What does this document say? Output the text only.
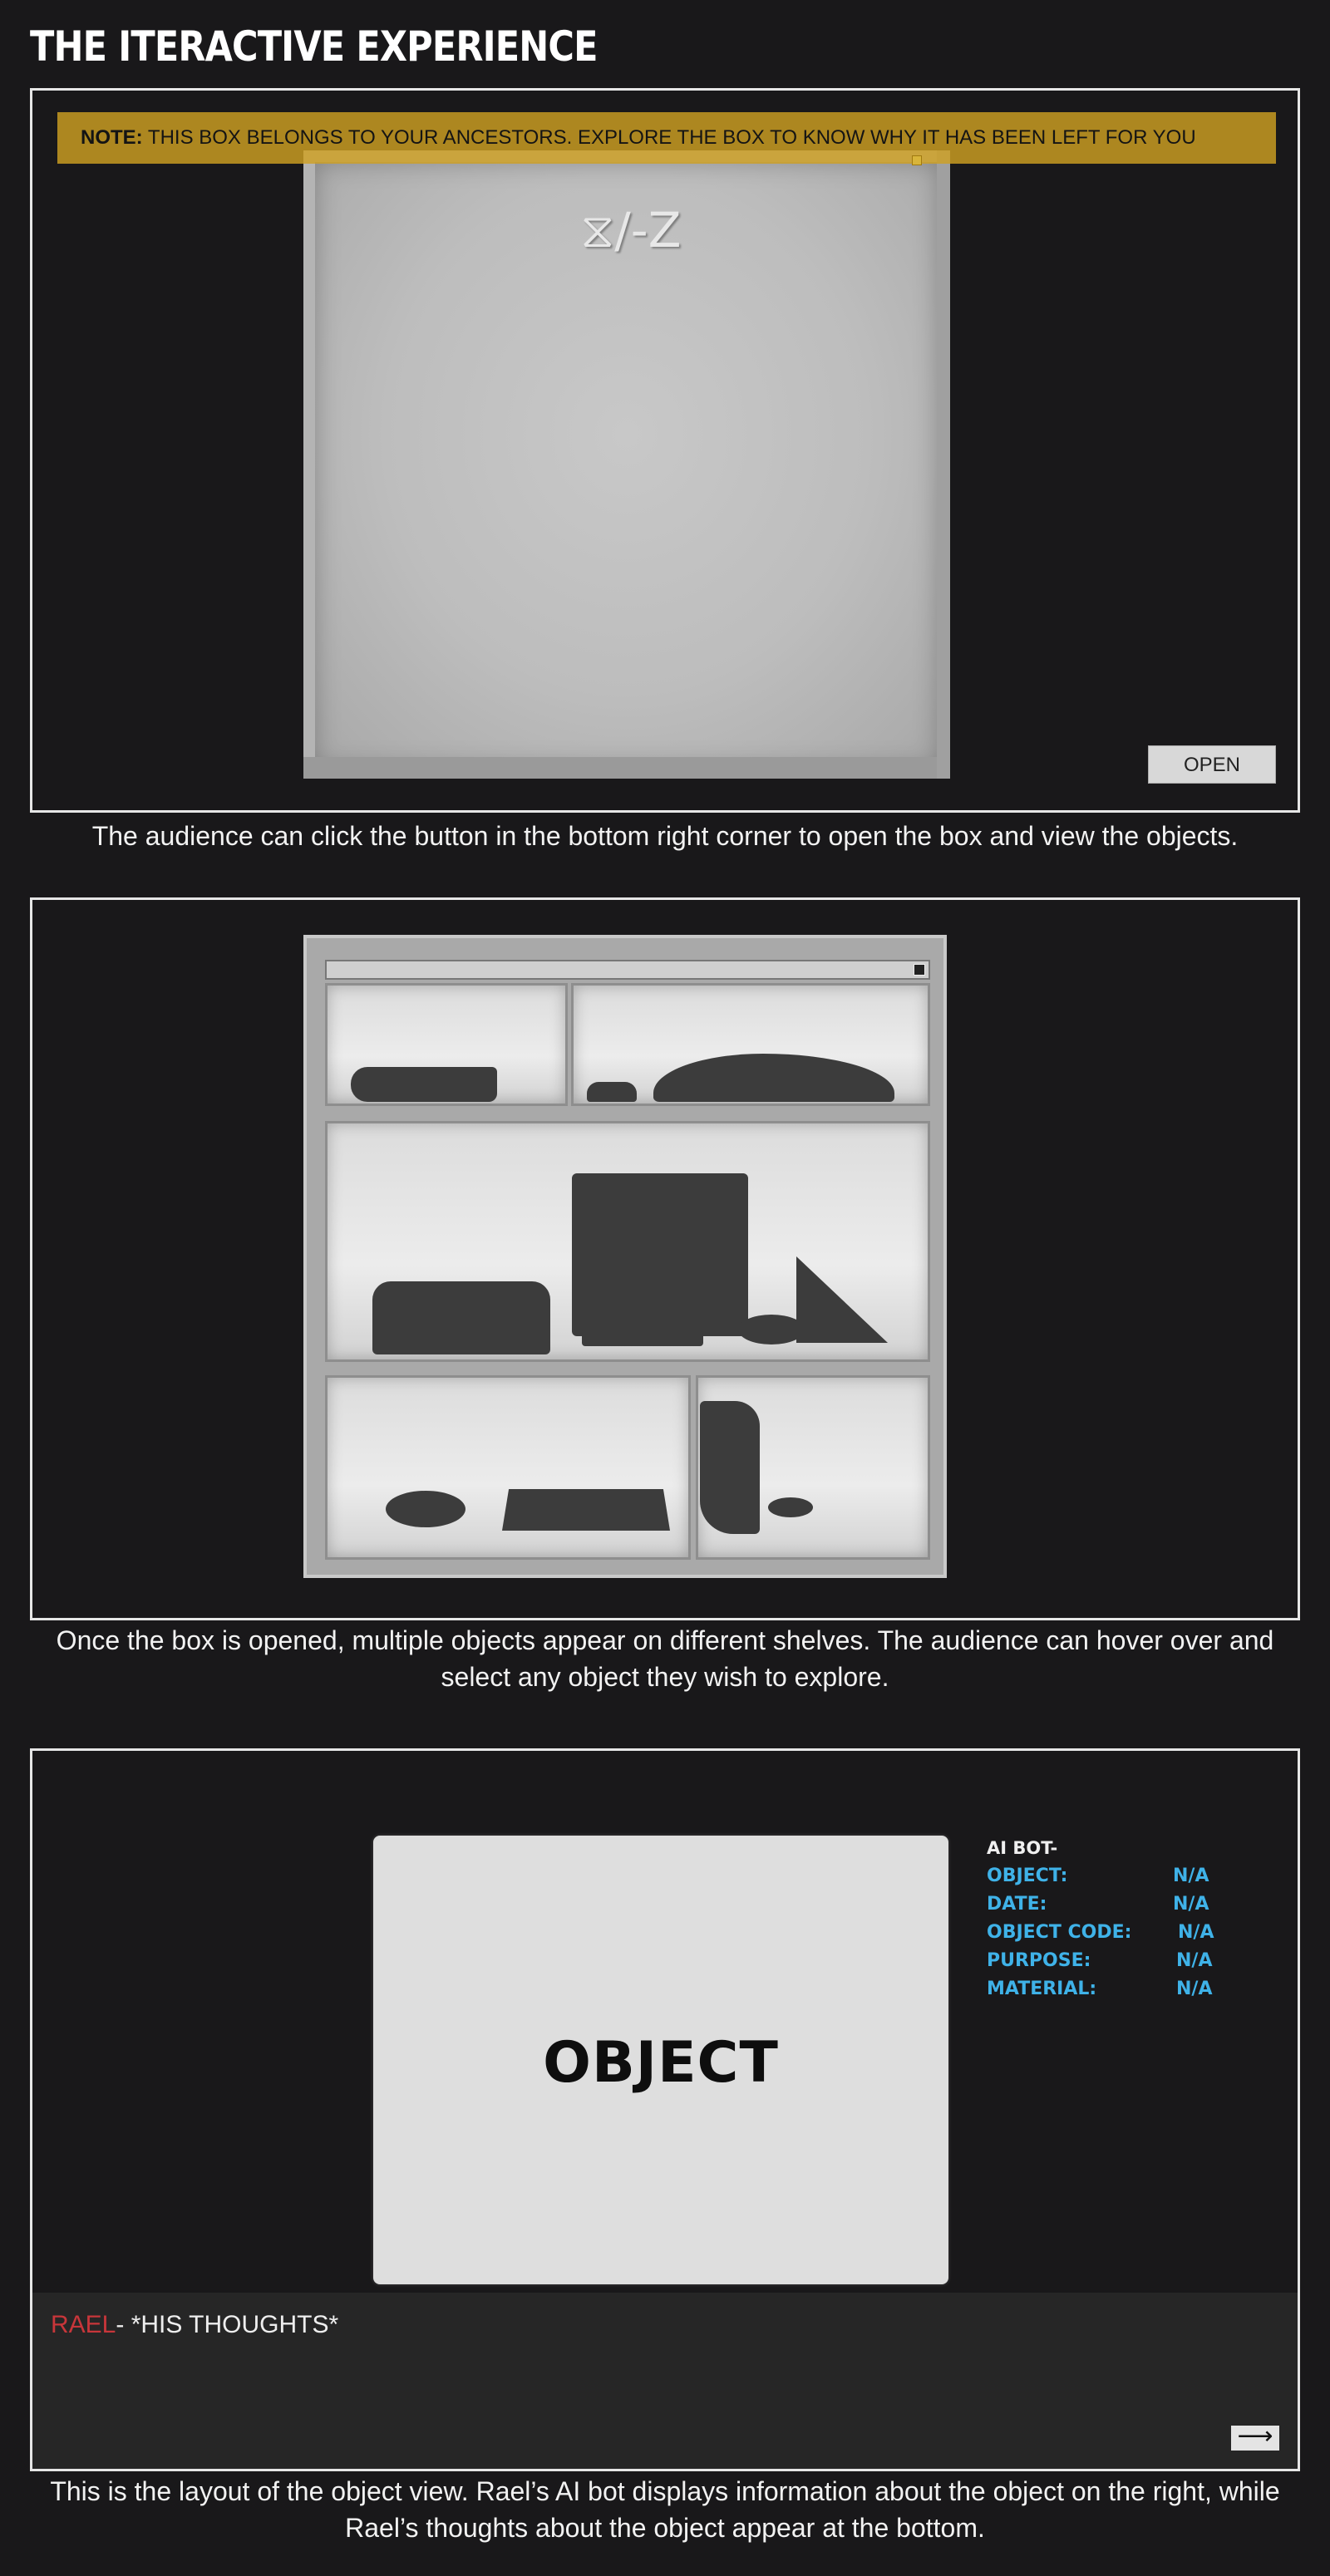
THE ITERACTIVE EXPERIENCE
⧖/-Z
NOTE: THIS BOX BELONGS TO YOUR ANCESTORS. EXPLORE THE BOX TO KNOW WHY IT HAS BEEN LEFT FOR YOU
OPEN
The audience can click the button in the bottom right corner to open the box and view the objects.
Once the box is opened, multiple objects appear on different shelves. The audience can hover over and select any object they wish to explore.
OBJECT
AI BOT-
OBJECT:	N/A
DATE:	N/A
OBJECT CODE:	N/A
PURPOSE:	N/A
MATERIAL:	N/A
RAEL- *HIS THOUGHTS*
⟶
This is the layout of the object view. Rael’s AI bot displays information about the object on the right, while Rael’s thoughts about the object appear at the bottom.
